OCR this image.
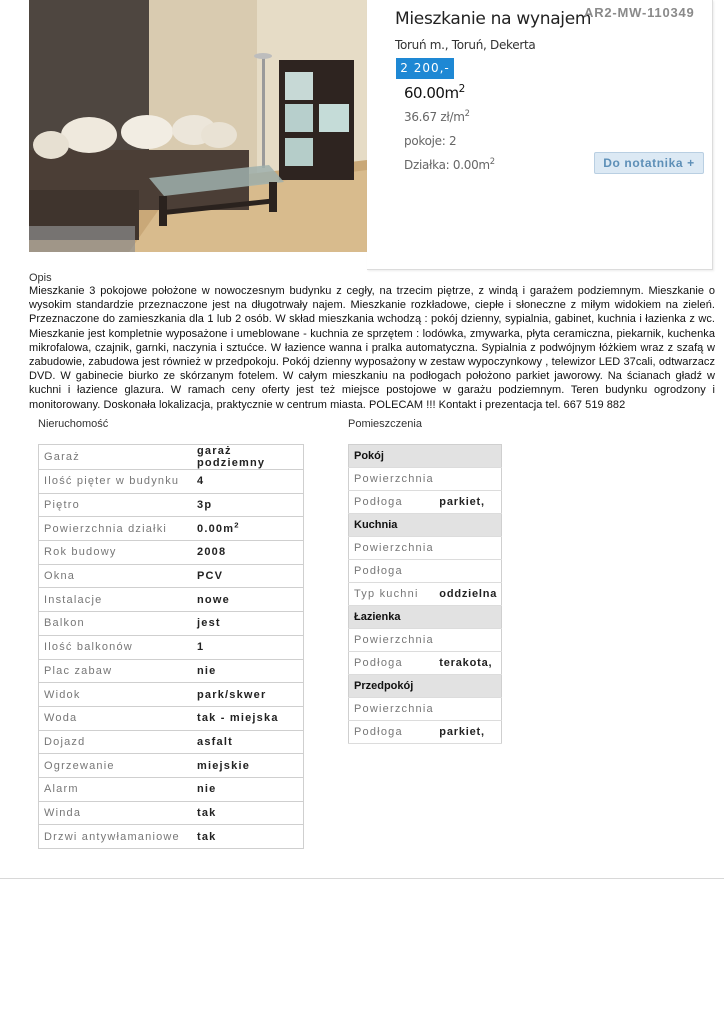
Mieszkanie na wynajem
AR2-MW-110349
Toruń m., Toruń, Dekerta
2 200,-
$60.00m^2$
36.67 $zł/m^2$
pokoje: 2
Działka: $0.00m^2$	Do notatnika +
Opis
Mieszkanie 3 pokojowe położone w nowoczesnym budynku z cegły, na trzecim piętrze, z windą i garażem podziemnym. Mieszkanie o wysokim standardzie przeznaczone jest na długotrwały najem. Mieszkanie rozkładowe, ciepłe i słoneczne z miłym widokiem na zieleń. Przeznaczone do zamieszkania dla 1 lub 2 osób. W skład mieszkania wchodzą : pokój dzienny, sypialnia, gabinet, kuchnia i łazienka z wc. Mieszkanie jest kompletnie wyposażone i umeblowane - kuchnia ze sprzętem : lodówka, zmywarka, płyta ceramiczna, piekarnik, kuchenka mikrofalowa, czajnik, garnki, naczynia i sztućce. W łazience wanna i pralka automatyczna. Sypialnia z podwójnym łóżkiem wraz z szafą w zabudowie, zabudowa jest również w przedpokoju. Pokój dzienny wyposażony w zestaw wypoczynkowy , telewizor LED 37cali, odtwarzacz DVD. W gabinecie biurko ze skórzanym fotelem. W całym mieszkaniu na podłogach położono parkiet jaworowy. Na ścianach gładź w kuchni i łazience glazura. W ramach ceny oferty jest też miejsce postojowe w garażu podziemnym. Teren budynku ogrodzony i monitorowany. Doskonała lokalizacja, praktycznie w centrum miasta. POLECAM !!! Kontakt i prezentacja tel. 667 519 882
Nieruchomość
Garaż	garaż podziemny
Ilość pięter w budynku	4
Piętro	3p
Powierzchnia działki	$0.00m^2$
Rok budowy	2008
Okna	PCV
Instalacje	nowe
Balkon	jest
Ilość balkonów	1
Plac zabaw	nie
Widok	park/skwer
Woda	tak - miejska
Dojazd	asfalt
Ogrzewanie	miejskie
Alarm	nie
Winda	tak
Drzwi antywłamaniowe	tak
Pomieszczenia
Pokój	
Powierzchnia	
Podłoga	parkiet,
Kuchnia	
Powierzchnia	
Podłoga	
Typ kuchni	oddzielna
Łazienka	
Powierzchnia	
Podłoga	terakota,
Przedpokój	
Powierzchnia	
Podłoga	parkiet,
